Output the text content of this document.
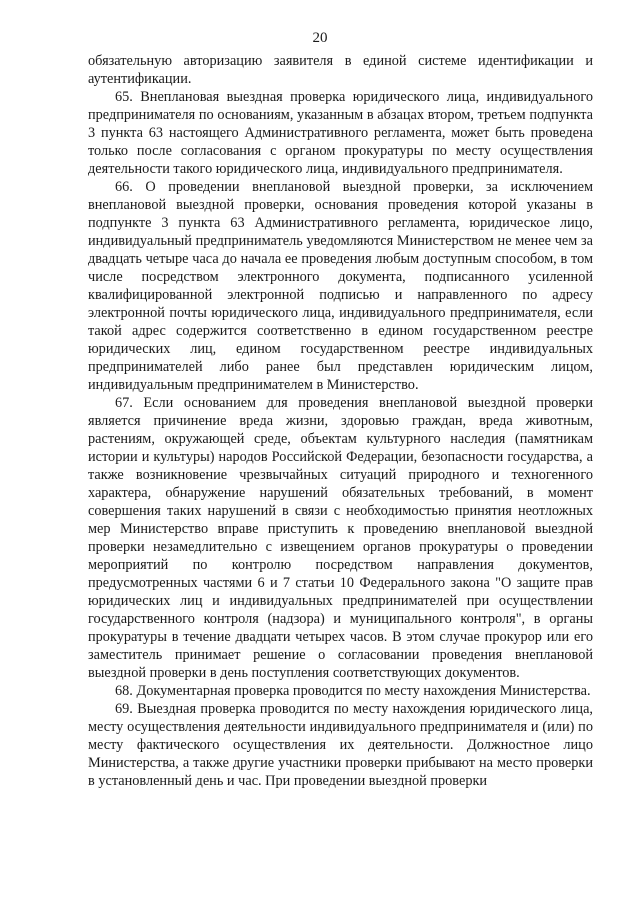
20

обязательную авторизацию заявителя в единой системе идентификации и аутентификации.

65. Внеплановая выездная проверка юридического лица, индивидуального предпринимателя по основаниям, указанным в абзацах втором, третьем подпункта 3 пункта 63 настоящего Административного регламента, может быть проведена только после согласования с органом прокуратуры по месту осуществления деятельности такого юридического лица, индивидуального предпринимателя.

66. О проведении внеплановой выездной проверки, за исключением внеплановой выездной проверки, основания проведения которой указаны в подпункте 3 пункта 63 Административного регламента, юридическое лицо, индивидуальный предприниматель уведомляются Министерством не менее чем за двадцать четыре часа до начала ее проведения любым доступным способом, в том числе посредством электронного документа, подписанного усиленной квалифицированной электронной подписью и направленного по адресу электронной почты юридического лица, индивидуального предпринимателя, если такой адрес содержится соответственно в едином государственном реестре юридических лиц, едином государственном реестре индивидуальных предпринимателей либо ранее был представлен юридическим лицом, индивидуальным предпринимателем в Министерство.

67. Если основанием для проведения внеплановой выездной проверки является причинение вреда жизни, здоровью граждан, вреда животным, растениям, окружающей среде, объектам культурного наследия (памятникам истории и культуры) народов Российской Федерации, безопасности государства, а также возникновение чрезвычайных ситуаций природного и техногенного характера, обнаружение нарушений обязательных требований, в момент совершения таких нарушений в связи с необходимостью принятия неотложных мер Министерство вправе приступить к проведению внеплановой выездной проверки незамедлительно с извещением органов прокуратуры о проведении мероприятий по контролю посредством направления документов, предусмотренных частями 6 и 7 статьи 10 Федерального закона "О защите прав юридических лиц и индивидуальных предпринимателей при осуществлении государственного контроля (надзора) и муниципального контроля", в органы прокуратуры в течение двадцати четырех часов. В этом случае прокурор или его заместитель принимает решение о согласовании проведения внеплановой выездной проверки в день поступления соответствующих документов.

68. Документарная проверка проводится по месту нахождения Министерства.

69. Выездная проверка проводится по месту нахождения юридического лица, месту осуществления деятельности индивидуального предпринимателя и (или) по месту фактического осуществления их деятельности. Должностное лицо Министерства, а также другие участники проверки прибывают на место проверки в установленный день и час. При проведении выездной проверки
